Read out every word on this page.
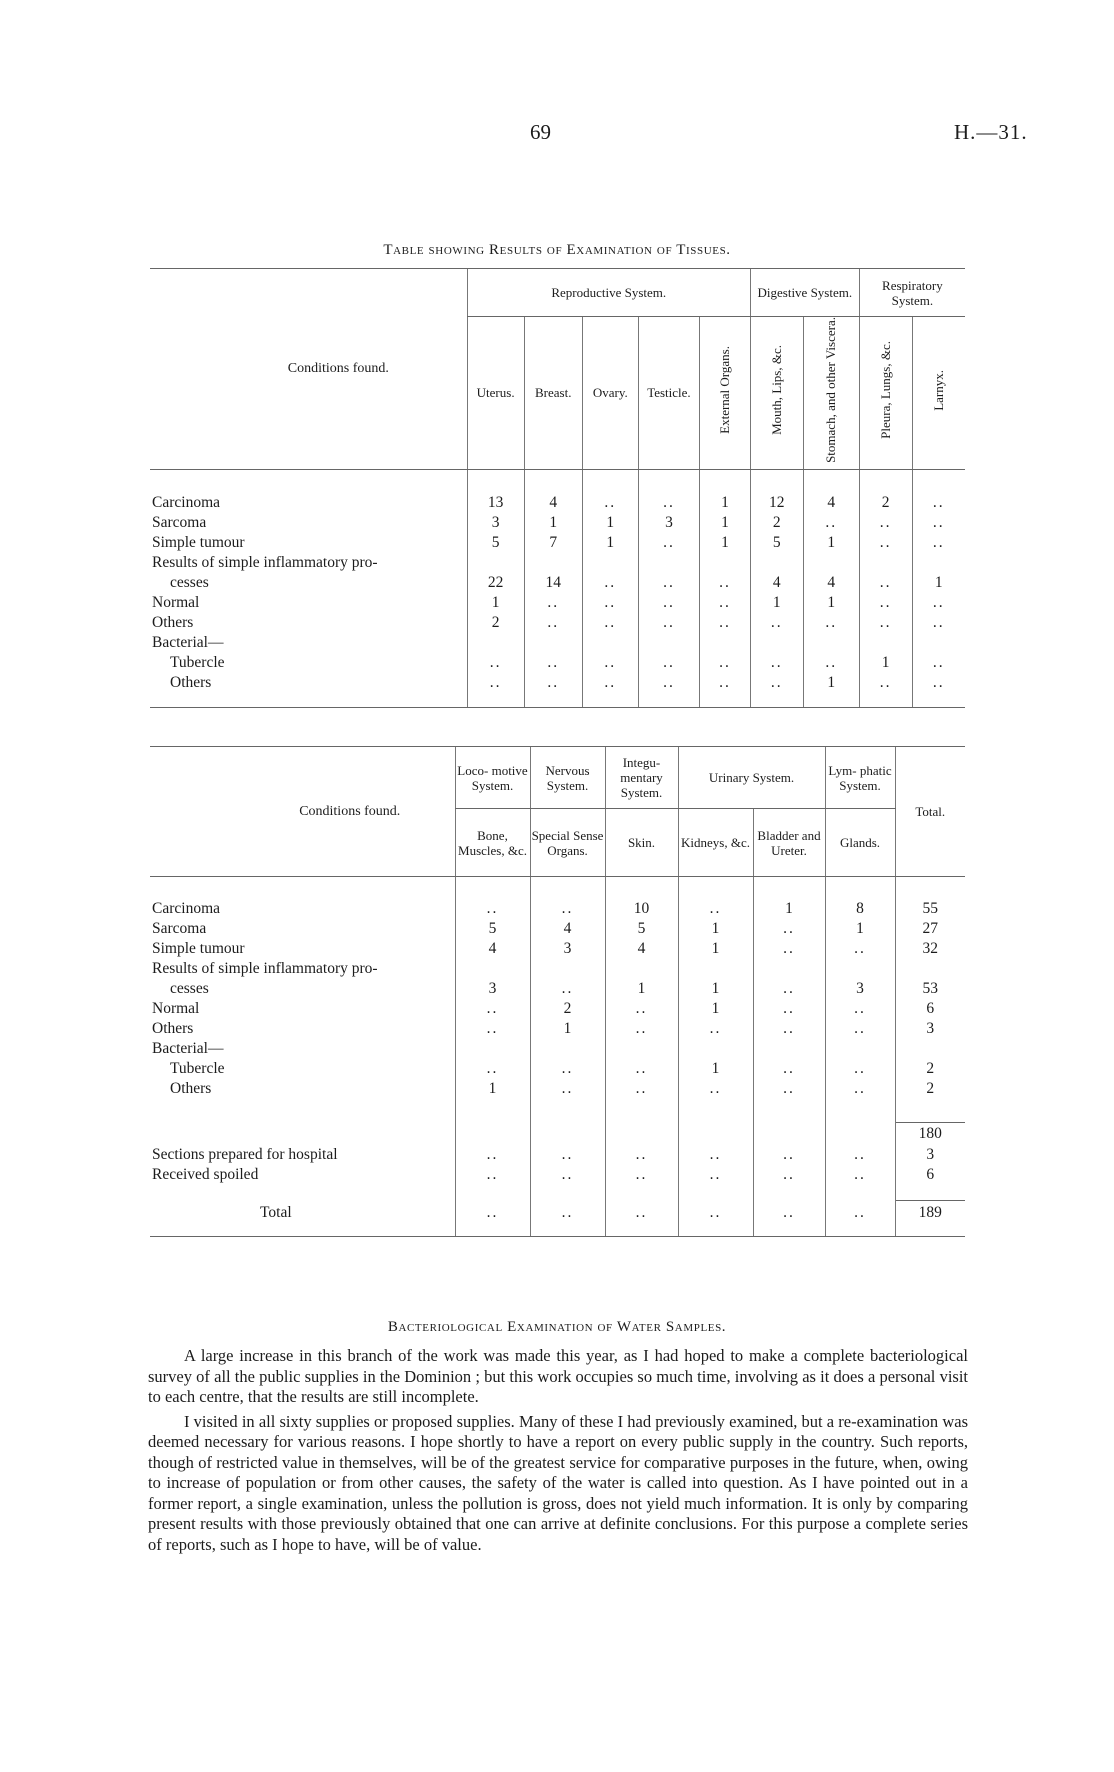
69	H.—31.
Table showing Results of Examination of Tissues.
Conditions found.	Reproductive System.					Digestive System.		Respiratory System.	
	Uterus.	Breast.	Ovary.	Testicle.	External Organs.	Mouth, Lips, &c.	Stomach, and other Viscera.	Pleura, Lungs, &c.	Larnyx.

Carcinoma	13	4	..	..	1	12	4	2	..
Sarcoma	3	1	1	3	1	2	..	..	..
Simple tumour	5	7	1	..	1	5	1	..	..
Results of simple inflammatory pro-									
cesses	22	14	..	..	..	4	4	..	1
Normal	1	..	..	..	..	1	1	..	..
Others	2	..	..	..	..	..	..	..	..
Bacterial—									
Tubercle	..	..	..	..	..	..	..	1	..
Others	..	..	..	..	..	..	1	..	..

Conditions found.	Loco- motive System.	Nervous System.	Integu- mentary System.	Urinary System.		Lym- phatic System.	Total.
	Bone, Muscles, &c.	Special Sense Organs.	Skin.	Kidneys, &c.	Bladder and Ureter.	Glands.	

Carcinoma	..	..	10	..	1	8	55
Sarcoma	5	4	5	1	..	1	27
Simple tumour	4	3	4	1	..	..	32
Results of simple inflammatory pro-							
cesses	3	..	1	1	..	3	53
Normal	..	2	..	1	..	..	6
Others	..	1	..	..	..	..	3
Bacterial—							
Tubercle	..	..	..	1	..	..	2
Others	1	..	..	..	..	..	2

							180
Sections prepared for hospital	..	..	..	..	..	..	3
Received spoiled	..	..	..	..	..	..	6

Total	..	..	..	..	..	..	189

Bacteriological Examination of Water Samples.

A large increase in this branch of the work was made this year, as I had hoped to make a complete bacteriological survey of all the public supplies in the Dominion ; but this work occupies so much time, involving as it does a personal visit to each centre, that the results are still incomplete.

I visited in all sixty supplies or proposed supplies. Many of these I had previously examined, but a re-examination was deemed necessary for various reasons. I hope shortly to have a report on every public supply in the country. Such reports, though of restricted value in themselves, will be of the greatest service for comparative purposes in the future, when, owing to increase of population or from other causes, the safety of the water is called into question. As I have pointed out in a former report, a single examination, unless the pollution is gross, does not yield much information. It is only by comparing present results with those previously obtained that one can arrive at definite conclusions. For this purpose a complete series of reports, such as I hope to have, will be of value.
